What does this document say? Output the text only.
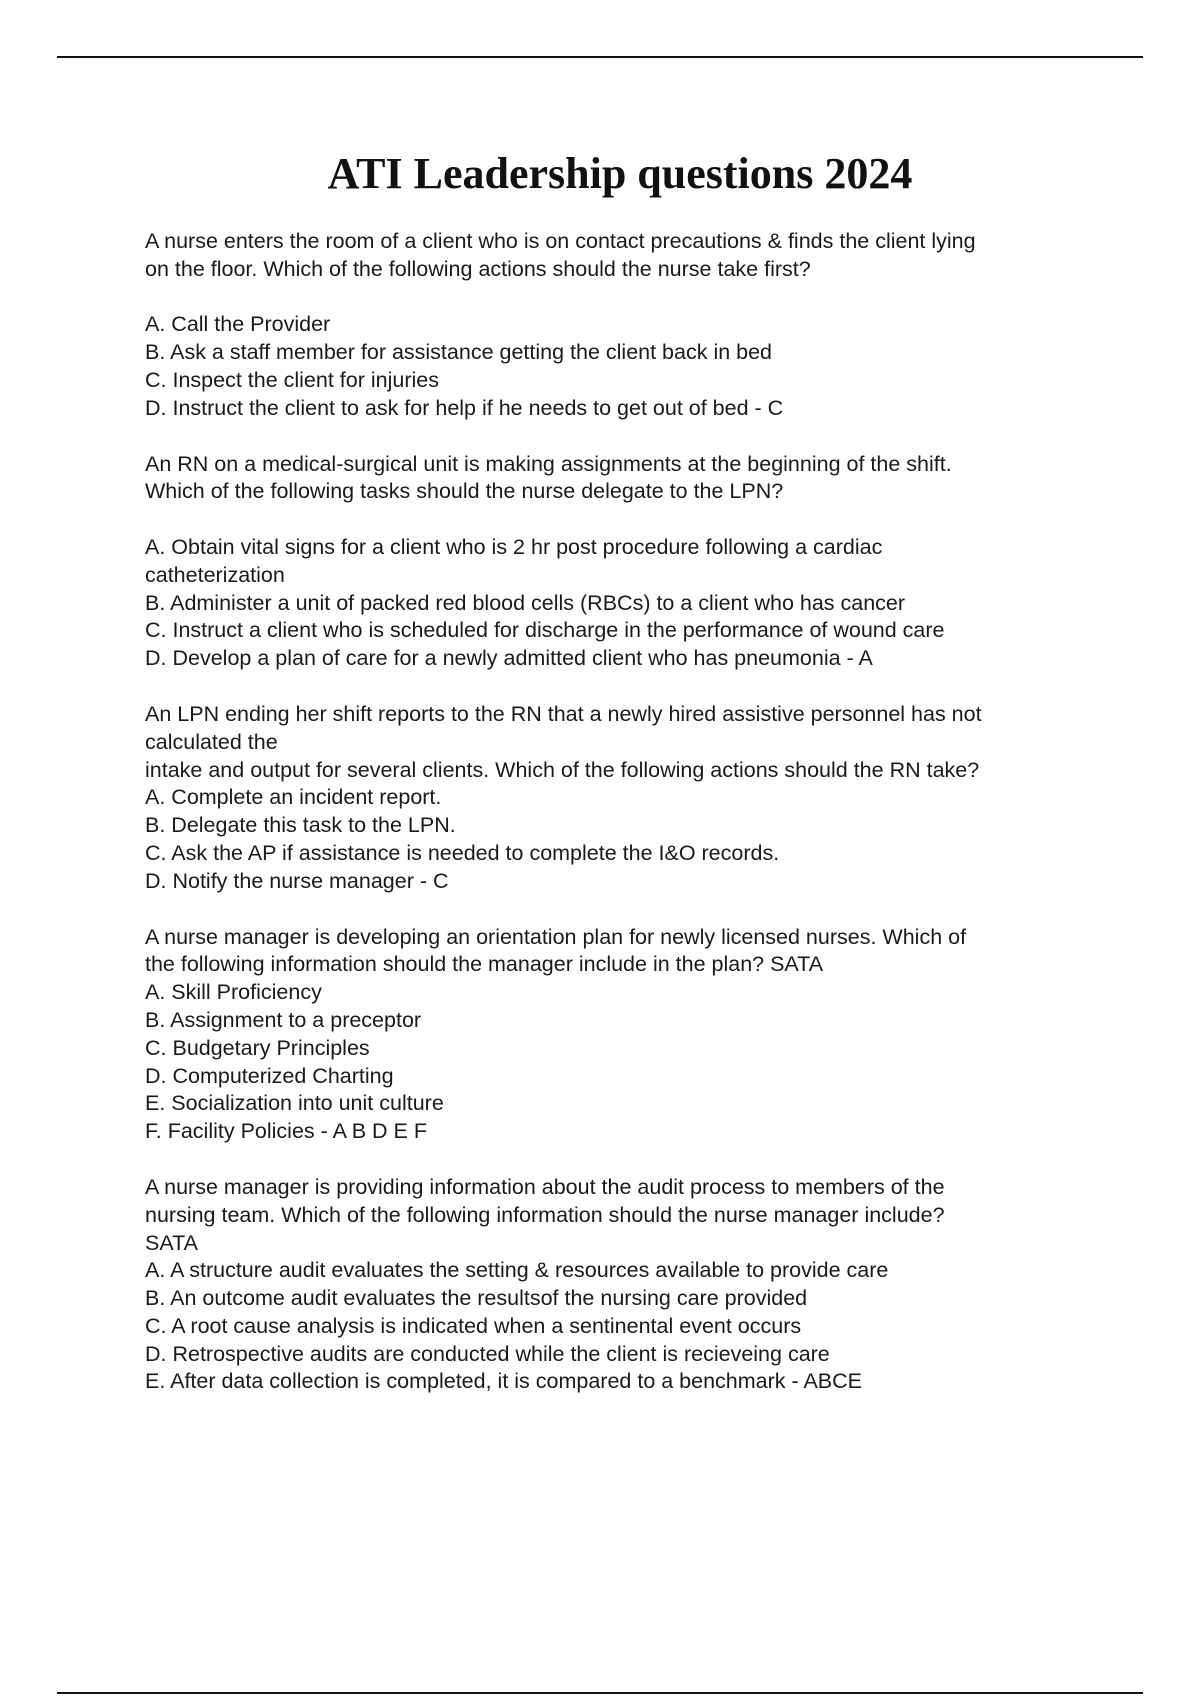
ATI Leadership questions 2024
A nurse enters the room of a client who is on contact precautions & finds the client lying
on the floor. Which of the following actions should the nurse take first?
A. Call the Provider
B. Ask a staff member for assistance getting the client back in bed
C. Inspect the client for injuries
D. Instruct the client to ask for help if he needs to get out of bed - C
An RN on a medical-surgical unit is making assignments at the beginning of the shift.
Which of the following tasks should the nurse delegate to the LPN?
A. Obtain vital signs for a client who is 2 hr post procedure following a cardiac
catheterization
B. Administer a unit of packed red blood cells (RBCs) to a client who has cancer
C. Instruct a client who is scheduled for discharge in the performance of wound care
D. Develop a plan of care for a newly admitted client who has pneumonia - A
An LPN ending her shift reports to the RN that a newly hired assistive personnel has not
calculated the
intake and output for several clients. Which of the following actions should the RN take?
A. Complete an incident report.
B. Delegate this task to the LPN.
C. Ask the AP if assistance is needed to complete the I&O records.
D. Notify the nurse manager - C
A nurse manager is developing an orientation plan for newly licensed nurses. Which of
the following information should the manager include in the plan? SATA
A. Skill Proficiency
B. Assignment to a preceptor
C. Budgetary Principles
D. Computerized Charting
E. Socialization into unit culture
F. Facility Policies - A B D E F
A nurse manager is providing information about the audit process to members of the
nursing team. Which of the following information should the nurse manager include?
SATA
A. A structure audit evaluates the setting & resources available to provide care
B. An outcome audit evaluates the resultsof the nursing care provided
C. A root cause analysis is indicated when a sentinental event occurs
D. Retrospective audits are conducted while the client is recieveing care
E. After data collection is completed, it is compared to a benchmark - ABCE
